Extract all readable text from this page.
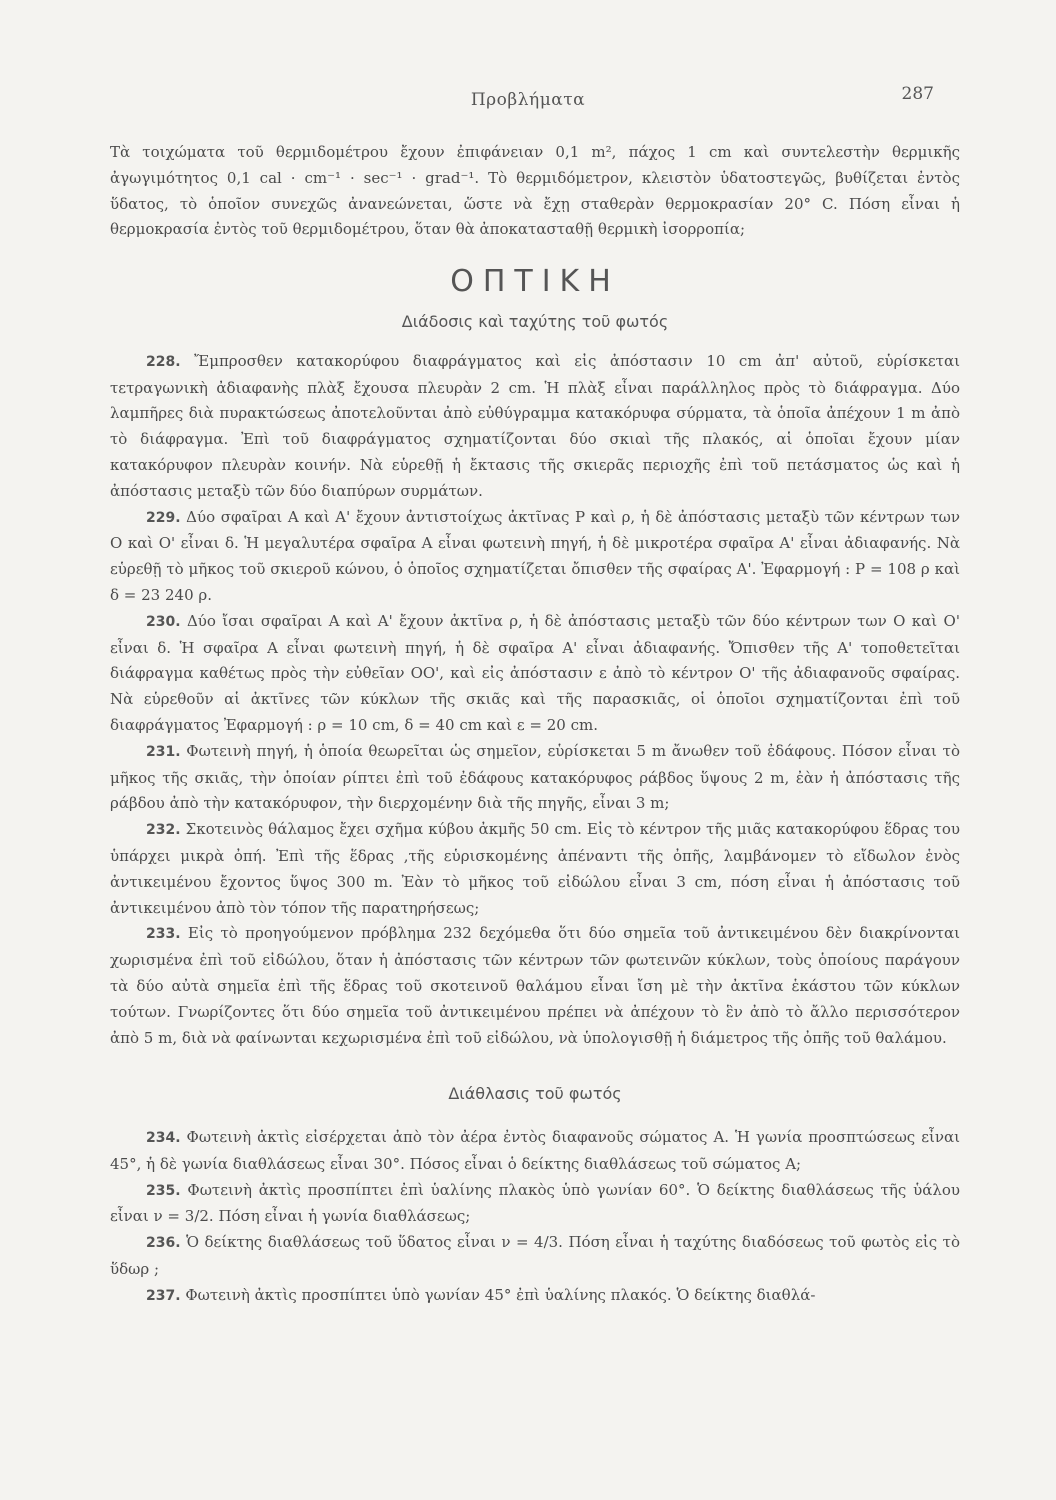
Προβλήματα	287

Τὰ τοιχώματα τοῦ θερμιδομέτρου ἔχουν ἐπιφάνειαν 0,1 m², πάχος 1 cm καὶ συντελεστὴν θερμικῆς ἀγωγιμότητος 0,1 cal · cm⁻¹ · sec⁻¹ · grad⁻¹. Τὸ θερμιδόμετρον, κλειστὸν ὑδατοστεγῶς, βυθίζεται ἐντὸς ὕδατος, τὸ ὁποῖον συνεχῶς ἀνανεώνεται, ὥστε νὰ ἔχῃ σταθερὰν θερμοκρασίαν 20° C. Πόση εἶναι ἡ θερμοκρασία ἐντὸς τοῦ θερμιδομέτρου, ὅταν θὰ ἀποκατασταθῇ θερμικὴ ἰσορροπία;

ΟΠΤΙΚΗ
Διάδοσις καὶ ταχύτης τοῦ φωτός

228. Ἔμπροσθεν κατακορύφου διαφράγματος καὶ εἰς ἀπόστασιν 10 cm ἀπ' αὐτοῦ, εὑρίσκεται τετραγωνικὴ ἀδιαφανὴς πλὰξ ἔχουσα πλευρὰν 2 cm. Ἡ πλὰξ εἶναι παράλληλος πρὸς τὸ διάφραγμα. Δύο λαμπῆρες διὰ πυρακτώσεως ἀποτελοῦνται ἀπὸ εὐθύγραμμα κατακόρυφα σύρματα, τὰ ὁποῖα ἀπέχουν 1 m ἀπὸ τὸ διάφραγμα. Ἐπὶ τοῦ διαφράγματος σχηματίζονται δύο σκιαὶ τῆς πλακός, αἱ ὁποῖαι ἔχουν μίαν κατακόρυφον πλευρὰν κοινήν. Νὰ εὑρεθῇ ἡ ἔκτασις τῆς σκιερᾶς περιοχῆς ἐπὶ τοῦ πετάσματος ὡς καὶ ἡ ἀπόστασις μεταξὺ τῶν δύο διαπύρων συρμάτων.

229. Δύο σφαῖραι Α καὶ Α' ἔχουν ἀντιστοίχως ἀκτῖνας Ρ καὶ ρ, ἡ δὲ ἀπόστασις μεταξὺ τῶν κέντρων των Ο καὶ Ο' εἶναι δ. Ἡ μεγαλυτέρα σφαῖρα Α εἶναι φωτεινὴ πηγή, ἡ δὲ μικροτέρα σφαῖρα Α' εἶναι ἀδιαφανής. Νὰ εὑρεθῇ τὸ μῆκος τοῦ σκιεροῦ κώνου, ὁ ὁποῖος σχηματίζεται ὄπισθεν τῆς σφαίρας Α'. Ἐφαρμογή : Ρ = 108 ρ καὶ δ = 23 240 ρ.

230. Δύο ἴσαι σφαῖραι Α καὶ Α' ἔχουν ἀκτῖνα ρ, ἡ δὲ ἀπόστασις μεταξὺ τῶν δύο κέντρων των Ο καὶ Ο' εἶναι δ. Ἡ σφαῖρα Α εἶναι φωτεινὴ πηγή, ἡ δὲ σφαῖρα Α' εἶναι ἀδιαφανής. Ὄπισθεν τῆς Α' τοποθετεῖται διάφραγμα καθέτως πρὸς τὴν εὐθεῖαν ΟΟ', καὶ εἰς ἀπόστασιν ε ἀπὸ τὸ κέντρον Ο' τῆς ἀδιαφανοῦς σφαίρας. Νὰ εὑρεθοῦν αἱ ἀκτῖνες τῶν κύκλων τῆς σκιᾶς καὶ τῆς παρασκιᾶς, οἱ ὁποῖοι σχηματίζονται ἐπὶ τοῦ διαφράγματος Ἐφαρμογή : ρ = 10 cm, δ = 40 cm καὶ ε = 20 cm.

231. Φωτεινὴ πηγή, ἡ ὁποία θεωρεῖται ὡς σημεῖον, εὑρίσκεται 5 m ἄνωθεν τοῦ ἐδάφους. Πόσον εἶναι τὸ μῆκος τῆς σκιᾶς, τὴν ὁποίαν ρίπτει ἐπὶ τοῦ ἐδάφους κατακόρυφος ράβδος ὕψους 2 m, ἐὰν ἡ ἀπόστασις τῆς ράβδου ἀπὸ τὴν κατακόρυφον, τὴν διερχομένην διὰ τῆς πηγῆς, εἶναι 3 m;

232. Σκοτεινὸς θάλαμος ἔχει σχῆμα κύβου ἀκμῆς 50 cm. Εἰς τὸ κέντρον τῆς μιᾶς κατακορύφου ἕδρας του ὑπάρχει μικρὰ ὀπή. Ἐπὶ τῆς ἕδρας ,τῆς εὑρισκομένης ἀπέναντι τῆς ὀπῆς, λαμβάνομεν τὸ εἴδωλον ἑνὸς ἀντικειμένου ἔχοντος ὕψος 300 m. Ἐὰν τὸ μῆκος τοῦ εἰδώλου εἶναι 3 cm, πόση εἶναι ἡ ἀπόστασις τοῦ ἀντικειμένου ἀπὸ τὸν τόπον τῆς παρατηρήσεως;

233. Εἰς τὸ προηγούμενον πρόβλημα 232 δεχόμεθα ὅτι δύο σημεῖα τοῦ ἀντικειμένου δὲν διακρίνονται χωρισμένα ἐπὶ τοῦ εἰδώλου, ὅταν ἡ ἀπόστασις τῶν κέντρων τῶν φωτεινῶν κύκλων, τοὺς ὁποίους παράγουν τὰ δύο αὐτὰ σημεῖα ἐπὶ τῆς ἕδρας τοῦ σκοτεινοῦ θαλάμου εἶναι ἴση μὲ τὴν ἀκτῖνα ἑκάστου τῶν κύκλων τούτων. Γνωρίζοντες ὅτι δύο σημεῖα τοῦ ἀντικειμένου πρέπει νὰ ἀπέχουν τὸ ἓν ἀπὸ τὸ ἄλλο περισσότερον ἀπὸ 5 m, διὰ νὰ φαίνωνται κεχωρισμένα ἐπὶ τοῦ εἰδώλου, νὰ ὑπολογισθῇ ἡ διάμετρος τῆς ὀπῆς τοῦ θαλάμου.

Διάθλασις τοῦ φωτός

234. Φωτεινὴ ἀκτὶς εἰσέρχεται ἀπὸ τὸν ἀέρα ἐντὸς διαφανοῦς σώματος Α. Ἡ γωνία προσπτώσεως εἶναι 45°, ἡ δὲ γωνία διαθλάσεως εἶναι 30°. Πόσος εἶναι ὁ δείκτης διαθλάσεως τοῦ σώματος Α;

235. Φωτεινὴ ἀκτὶς προσπίπτει ἐπὶ ὑαλίνης πλακὸς ὑπὸ γωνίαν 60°. Ὁ δείκτης διαθλάσεως τῆς ὑάλου εἶναι ν = 3/2. Πόση εἶναι ἡ γωνία διαθλάσεως;

236. Ὁ δείκτης διαθλάσεως τοῦ ὕδατος εἶναι ν = 4/3. Πόση εἶναι ἡ ταχύτης διαδόσεως τοῦ φωτὸς εἰς τὸ ὕδωρ ;

237. Φωτεινὴ ἀκτὶς προσπίπτει ὑπὸ γωνίαν 45° ἐπὶ ὑαλίνης πλακός. Ὁ δείκτης διαθλά-
